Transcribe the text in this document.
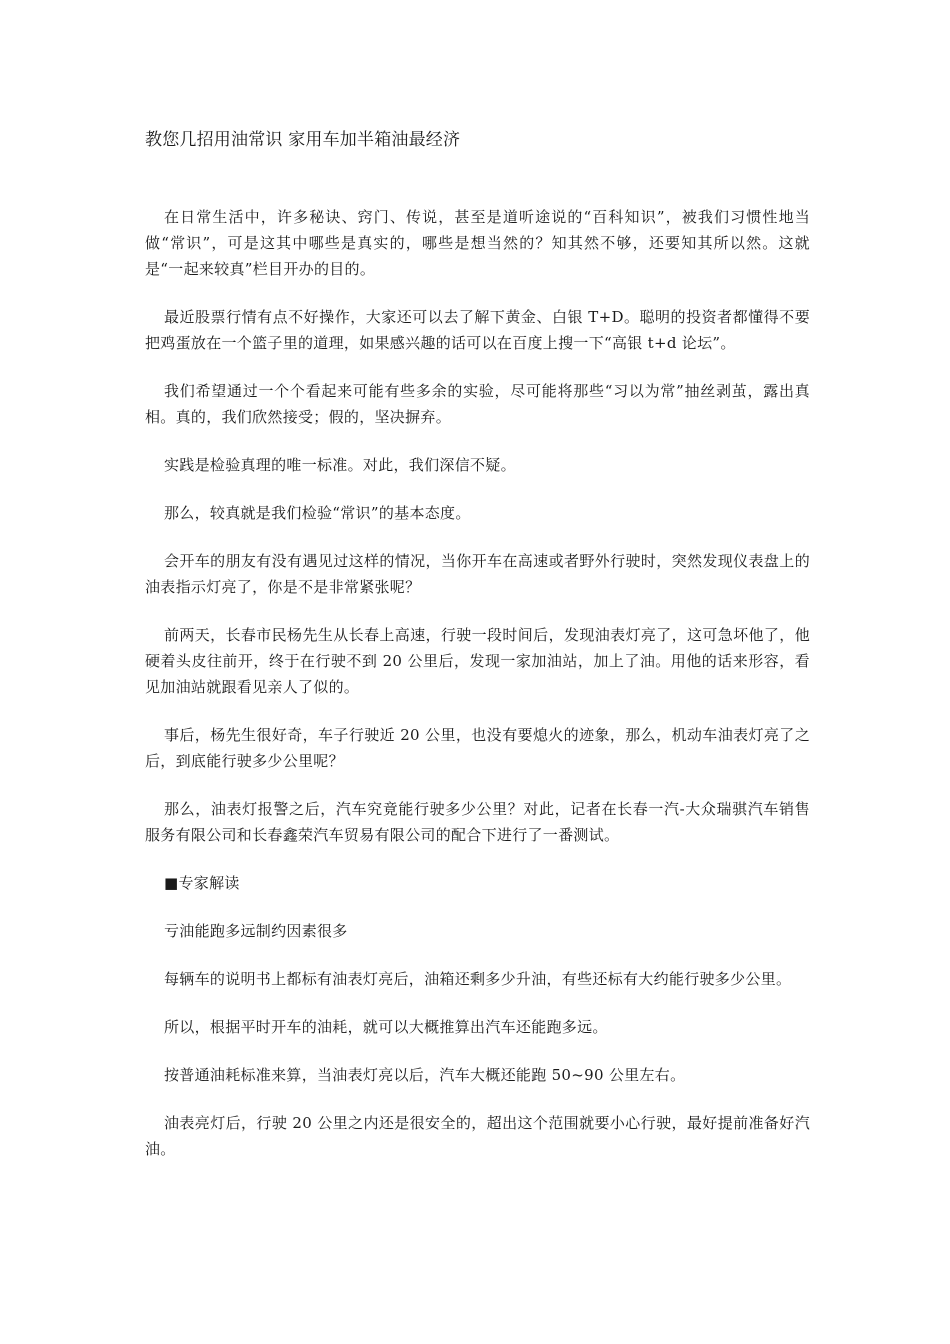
教您几招用油常识 家用车加半箱油最经济

在日常生活中，许多秘诀、窍门、传说，甚至是道听途说的“百科知识”，被我们习惯性地当做“常识”，可是这其中哪些是真实的，哪些是想当然的？知其然不够，还要知其所以然。这就是“一起来较真”栏目开办的目的。

最近股票行情有点不好操作，大家还可以去了解下黄金、白银 T+D。聪明的投资者都懂得不要把鸡蛋放在一个篮子里的道理，如果感兴趣的话可以在百度上搜一下“高银 t+d 论坛”。

我们希望通过一个个看起来可能有些多余的实验，尽可能将那些“习以为常”抽丝剥茧，露出真相。真的，我们欣然接受；假的，坚决摒弃。

实践是检验真理的唯一标准。对此，我们深信不疑。

那么，较真就是我们检验“常识”的基本态度。

会开车的朋友有没有遇见过这样的情况，当你开车在高速或者野外行驶时，突然发现仪表盘上的油表指示灯亮了，你是不是非常紧张呢？

前两天，长春市民杨先生从长春上高速，行驶一段时间后，发现油表灯亮了，这可急坏他了，他硬着头皮往前开，终于在行驶不到 20 公里后，发现一家加油站，加上了油。用他的话来形容，看见加油站就跟看见亲人了似的。

事后，杨先生很好奇，车子行驶近 20 公里，也没有要熄火的迹象，那么，机动车油表灯亮了之后，到底能行驶多少公里呢？

那么，油表灯报警之后，汽车究竟能行驶多少公里？对此，记者在长春一汽-大众瑞骐汽车销售服务有限公司和长春鑫荣汽车贸易有限公司的配合下进行了一番测试。

■专家解读

亏油能跑多远制约因素很多

每辆车的说明书上都标有油表灯亮后，油箱还剩多少升油，有些还标有大约能行驶多少公里。

所以，根据平时开车的油耗，就可以大概推算出汽车还能跑多远。

按普通油耗标准来算，当油表灯亮以后，汽车大概还能跑 50~90 公里左右。

油表亮灯后，行驶 20 公里之内还是很安全的，超出这个范围就要小心行驶，最好提前准备好汽油。
